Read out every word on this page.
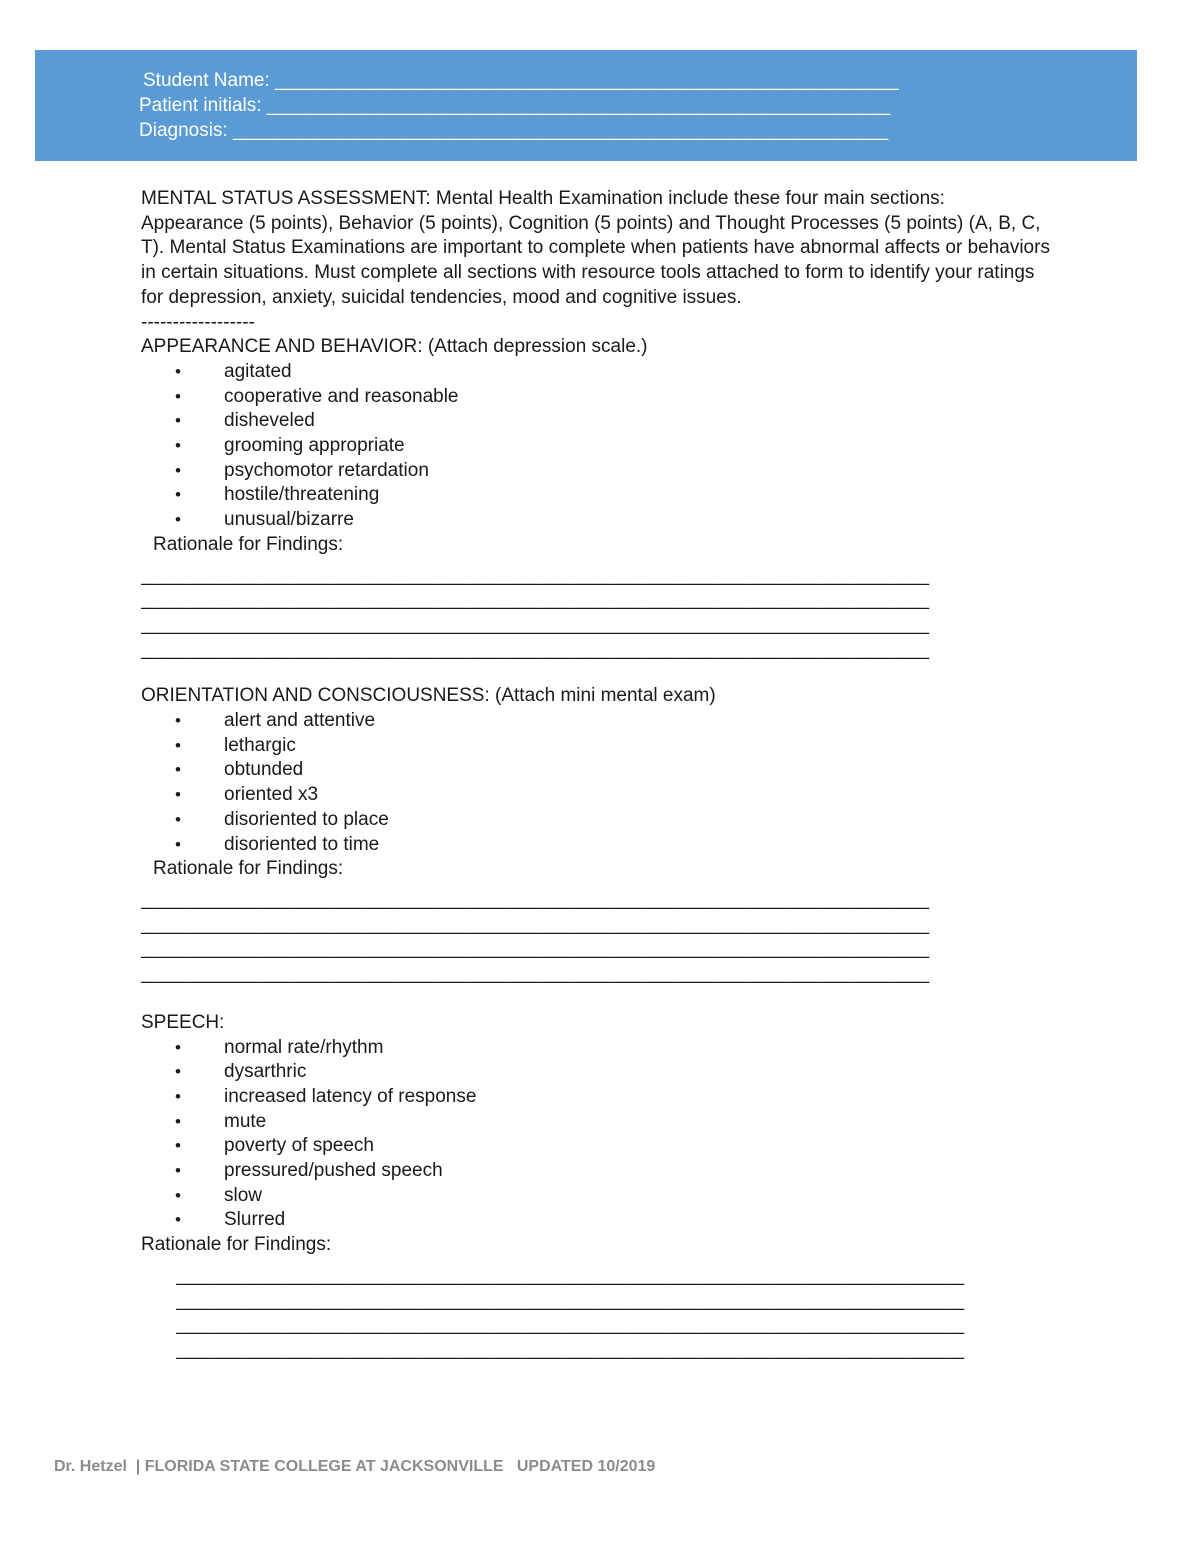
Student Name: ___________________________________________________________
Patient initials: ___________________________________________________________
Diagnosis: ______________________________________________________________

MENTAL STATUS ASSESSMENT: Mental Health Examination include these four main sections: Appearance (5 points), Behavior (5 points), Cognition (5 points) and Thought Processes (5 points) (A, B, C, T). Mental Status Examinations are important to complete when patients have abnormal affects or behaviors in certain situations. Must complete all sections with resource tools attached to form to identify your ratings for depression, anxiety, suicidal tendencies, mood and cognitive issues.

------------------

APPEARANCE AND BEHAVIOR: (Attach depression scale.)

• agitated
• cooperative and reasonable
• disheveled
• grooming appropriate
• psychomotor retardation
• hostile/threatening
• unusual/bizarre

Rationale for Findings:

____________________________________________________________________________

____________________________________________________________________________

____________________________________________________________________________

____________________________________________________________________________

ORIENTATION AND CONSCIOUSNESS: (Attach mini mental exam)

• alert and attentive
• lethargic
• obtunded
• oriented x3
• disoriented to place
• disoriented to time

Rationale for Findings:

____________________________________________________________________________

____________________________________________________________________________

____________________________________________________________________________

____________________________________________________________________________

SPEECH:

• normal rate/rhythm
• dysarthric
• increased latency of response
• mute
• poverty of speech
• pressured/pushed speech
• slow
• Slurred

Rationale for Findings:

____________________________________________________________________________

____________________________________________________________________________

____________________________________________________________________________

____________________________________________________________________________

Dr. Hetzel  | FLORIDA STATE COLLEGE AT JACKSONVILLE   UPDATED 10/2019
